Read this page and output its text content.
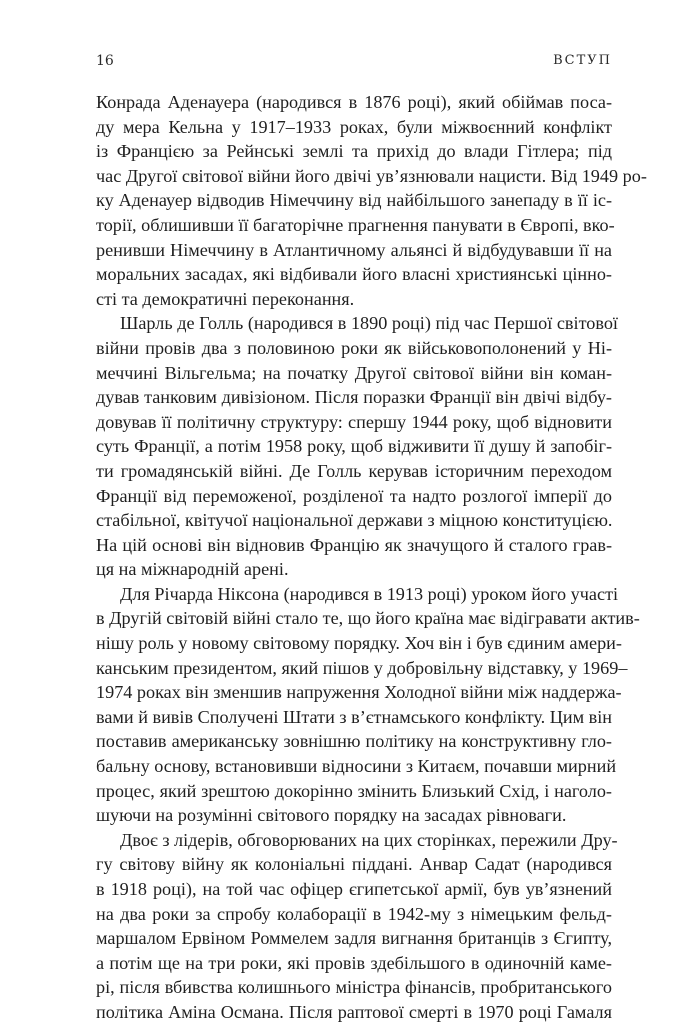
16	ВСТУП
Конрада Аденауера (народився в 1876 році), який обіймав поса-
ду мера Кельна у 1917–1933 роках, були міжвоєнний конфлікт
із Францією за Рейнські землі та прихід до влади Гітлера; під
час Другої світової війни його двічі ув’язнювали нацисти. Від 1949 ро-
ку Аденауер відводив Німеччину від найбільшого занепаду в її іс-
торії, облишивши її багаторічне прагнення панувати в Європі, вко-
ренивши Німеччину в Атлантичному альянсі й відбудувавши її на
моральних засадах, які відбивали його власні християнські цінно-
сті та демократичні переконання.
Шарль де Голль (народився в 1890 році) під час Першої світової
війни провів два з половиною роки як військовополонений у Ні-
меччині Вільгельма; на початку Другої світової війни він коман-
дував танковим дивізіоном. Після поразки Франції він двічі відбу-
довував її політичну структуру: спершу 1944 року, щоб відновити
суть Франції, а потім 1958 року, щоб відживити її душу й запобіг-
ти громадянській війні. Де Голль керував історичним переходом
Франції від переможеної, розділеної та надто розлогої імперії до
стабільної, квітучої національної держави з міцною конституцією.
На цій основі він відновив Францію як значущого й сталого грав-
ця на міжнародній арені.
Для Річарда Ніксона (народився в 1913 році) уроком його участі
в Другій світовій війні стало те, що його країна має відігравати актив-
нішу роль у новому світовому порядку. Хоч він і був єдиним амери-
канським президентом, який пішов у добровільну відставку, у 1969–
1974 роках він зменшив напруження Холодної війни між наддержа-
вами й вивів Сполучені Штати з в’єтнамського конфлікту. Цим він
поставив американську зовнішню політику на конструктивну гло-
бальну основу, встановивши відносини з Китаєм, почавши мирний
процес, який зрештою докорінно змінить Близький Схід, і наголо-
шуючи на розумінні світового порядку на засадах рівноваги.
Двоє з лідерів, обговорюваних на цих сторінках, пережили Дру-
гу світову війну як колоніальні піддані. Анвар Садат (народився
в 1918 році), на той час офіцер єгипетської армії, був ув’язнений
на два роки за спробу колаборації в 1942-му з німецьким фельд-
маршалом Ервіном Роммелем задля вигнання британців з Єгипту,
а потім ще на три роки, які провів здебільшого в одиночній каме-
рі, після вбивства колишнього міністра фінансів, пробританського
політика Аміна Османа. Після раптової смерті в 1970 році Гамаля
